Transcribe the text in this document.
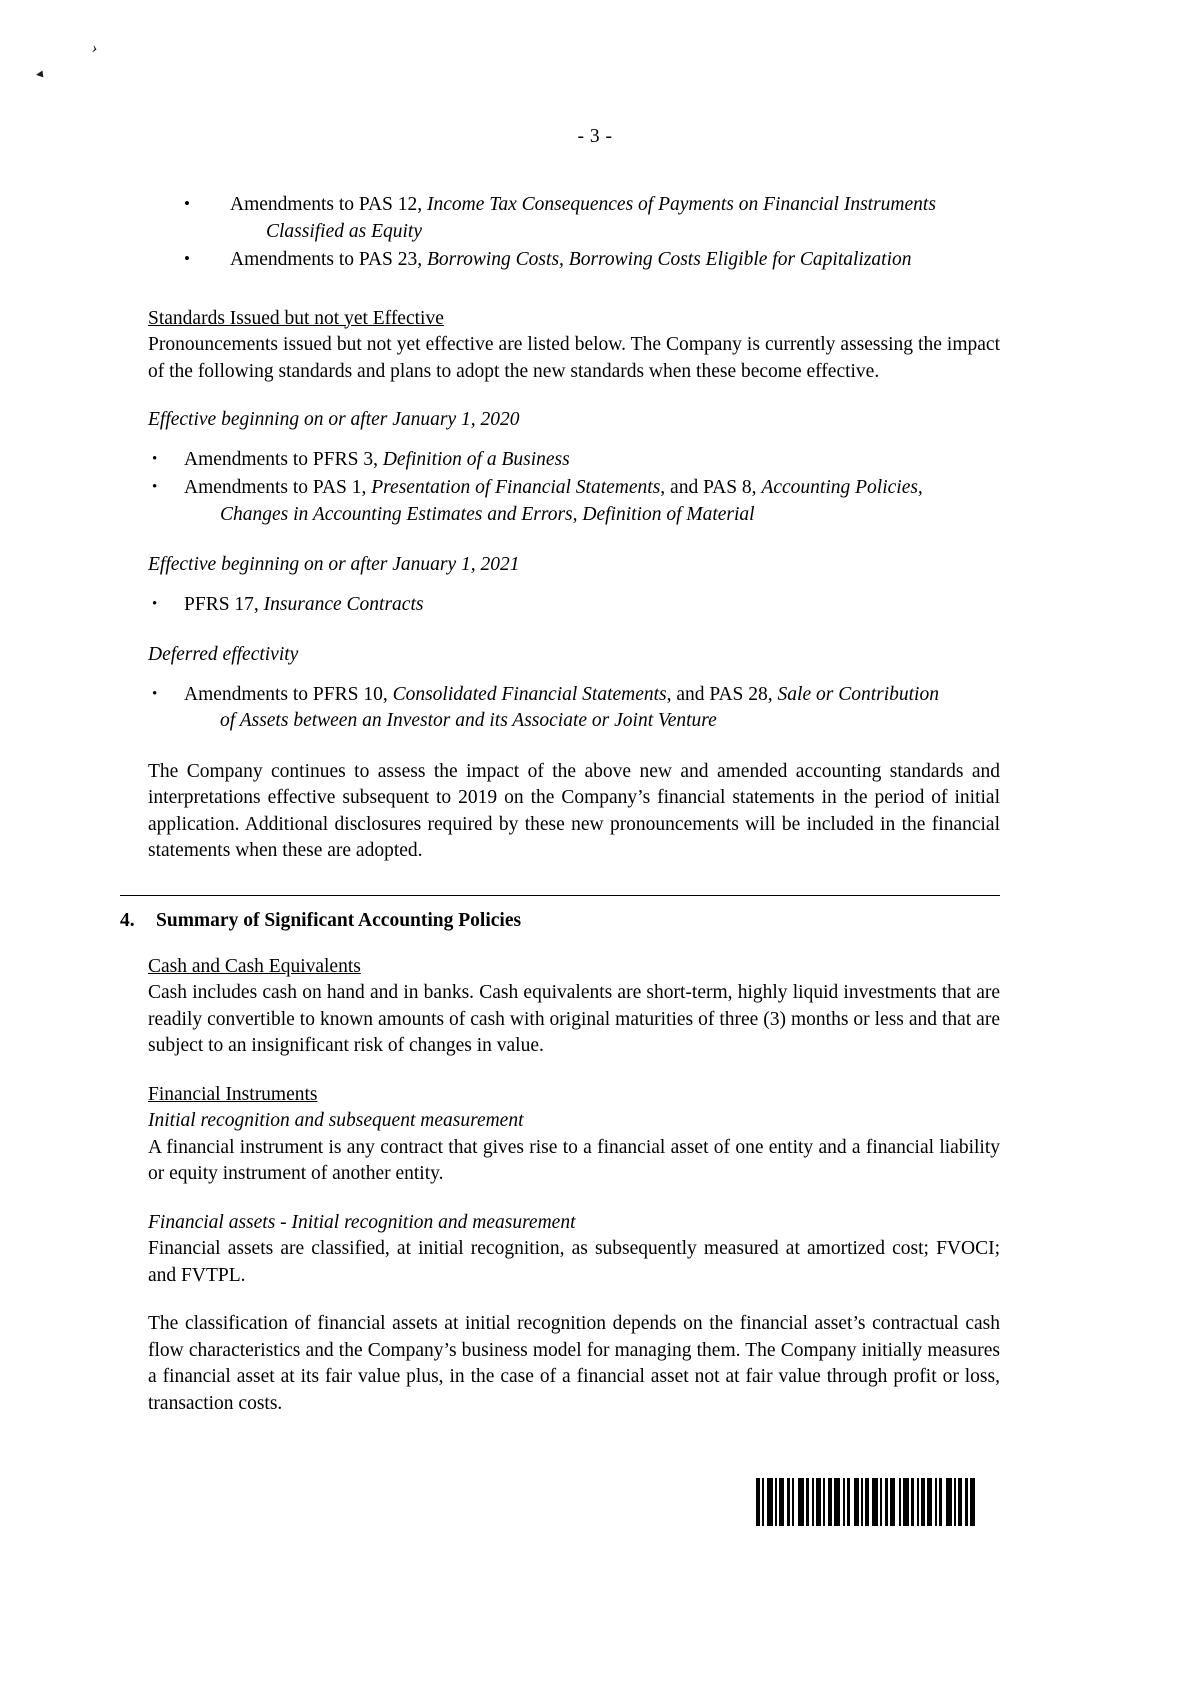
›
◂
- 3 -
• Amendments to PAS 12, Income Tax Consequences of Payments on Financial Instruments
Classified as Equity
• Amendments to PAS 23, Borrowing Costs, Borrowing Costs Eligible for Capitalization
Standards Issued but not yet Effective
Pronouncements issued but not yet effective are listed below. The Company is currently assessing the impact of the following standards and plans to adopt the new standards when these become effective.
Effective beginning on or after January 1, 2020
• Amendments to PFRS 3, Definition of a Business
• Amendments to PAS 1, Presentation of Financial Statements, and PAS 8, Accounting Policies,
Changes in Accounting Estimates and Errors, Definition of Material
Effective beginning on or after January 1, 2021
• PFRS 17, Insurance Contracts
Deferred effectivity
• Amendments to PFRS 10, Consolidated Financial Statements, and PAS 28, Sale or Contribution
of Assets between an Investor and its Associate or Joint Venture
The Company continues to assess the impact of the above new and amended accounting standards and interpretations effective subsequent to 2019 on the Company’s financial statements in the period of initial application. Additional disclosures required by these new pronouncements will be included in the financial statements when these are adopted.
4.	Summary of Significant Accounting Policies
Cash and Cash Equivalents
Cash includes cash on hand and in banks. Cash equivalents are short-term, highly liquid investments that are readily convertible to known amounts of cash with original maturities of three (3) months or less and that are subject to an insignificant risk of changes in value.
Financial Instruments
Initial recognition and subsequent measurement
A financial instrument is any contract that gives rise to a financial asset of one entity and a financial liability or equity instrument of another entity.
Financial assets - Initial recognition and measurement
Financial assets are classified, at initial recognition, as subsequently measured at amortized cost; FVOCI; and FVTPL.
The classification of financial assets at initial recognition depends on the financial asset’s contractual cash flow characteristics and the Company’s business model for managing them. The Company initially measures a financial asset at its fair value plus, in the case of a financial asset not at fair value through profit or loss, transaction costs.
